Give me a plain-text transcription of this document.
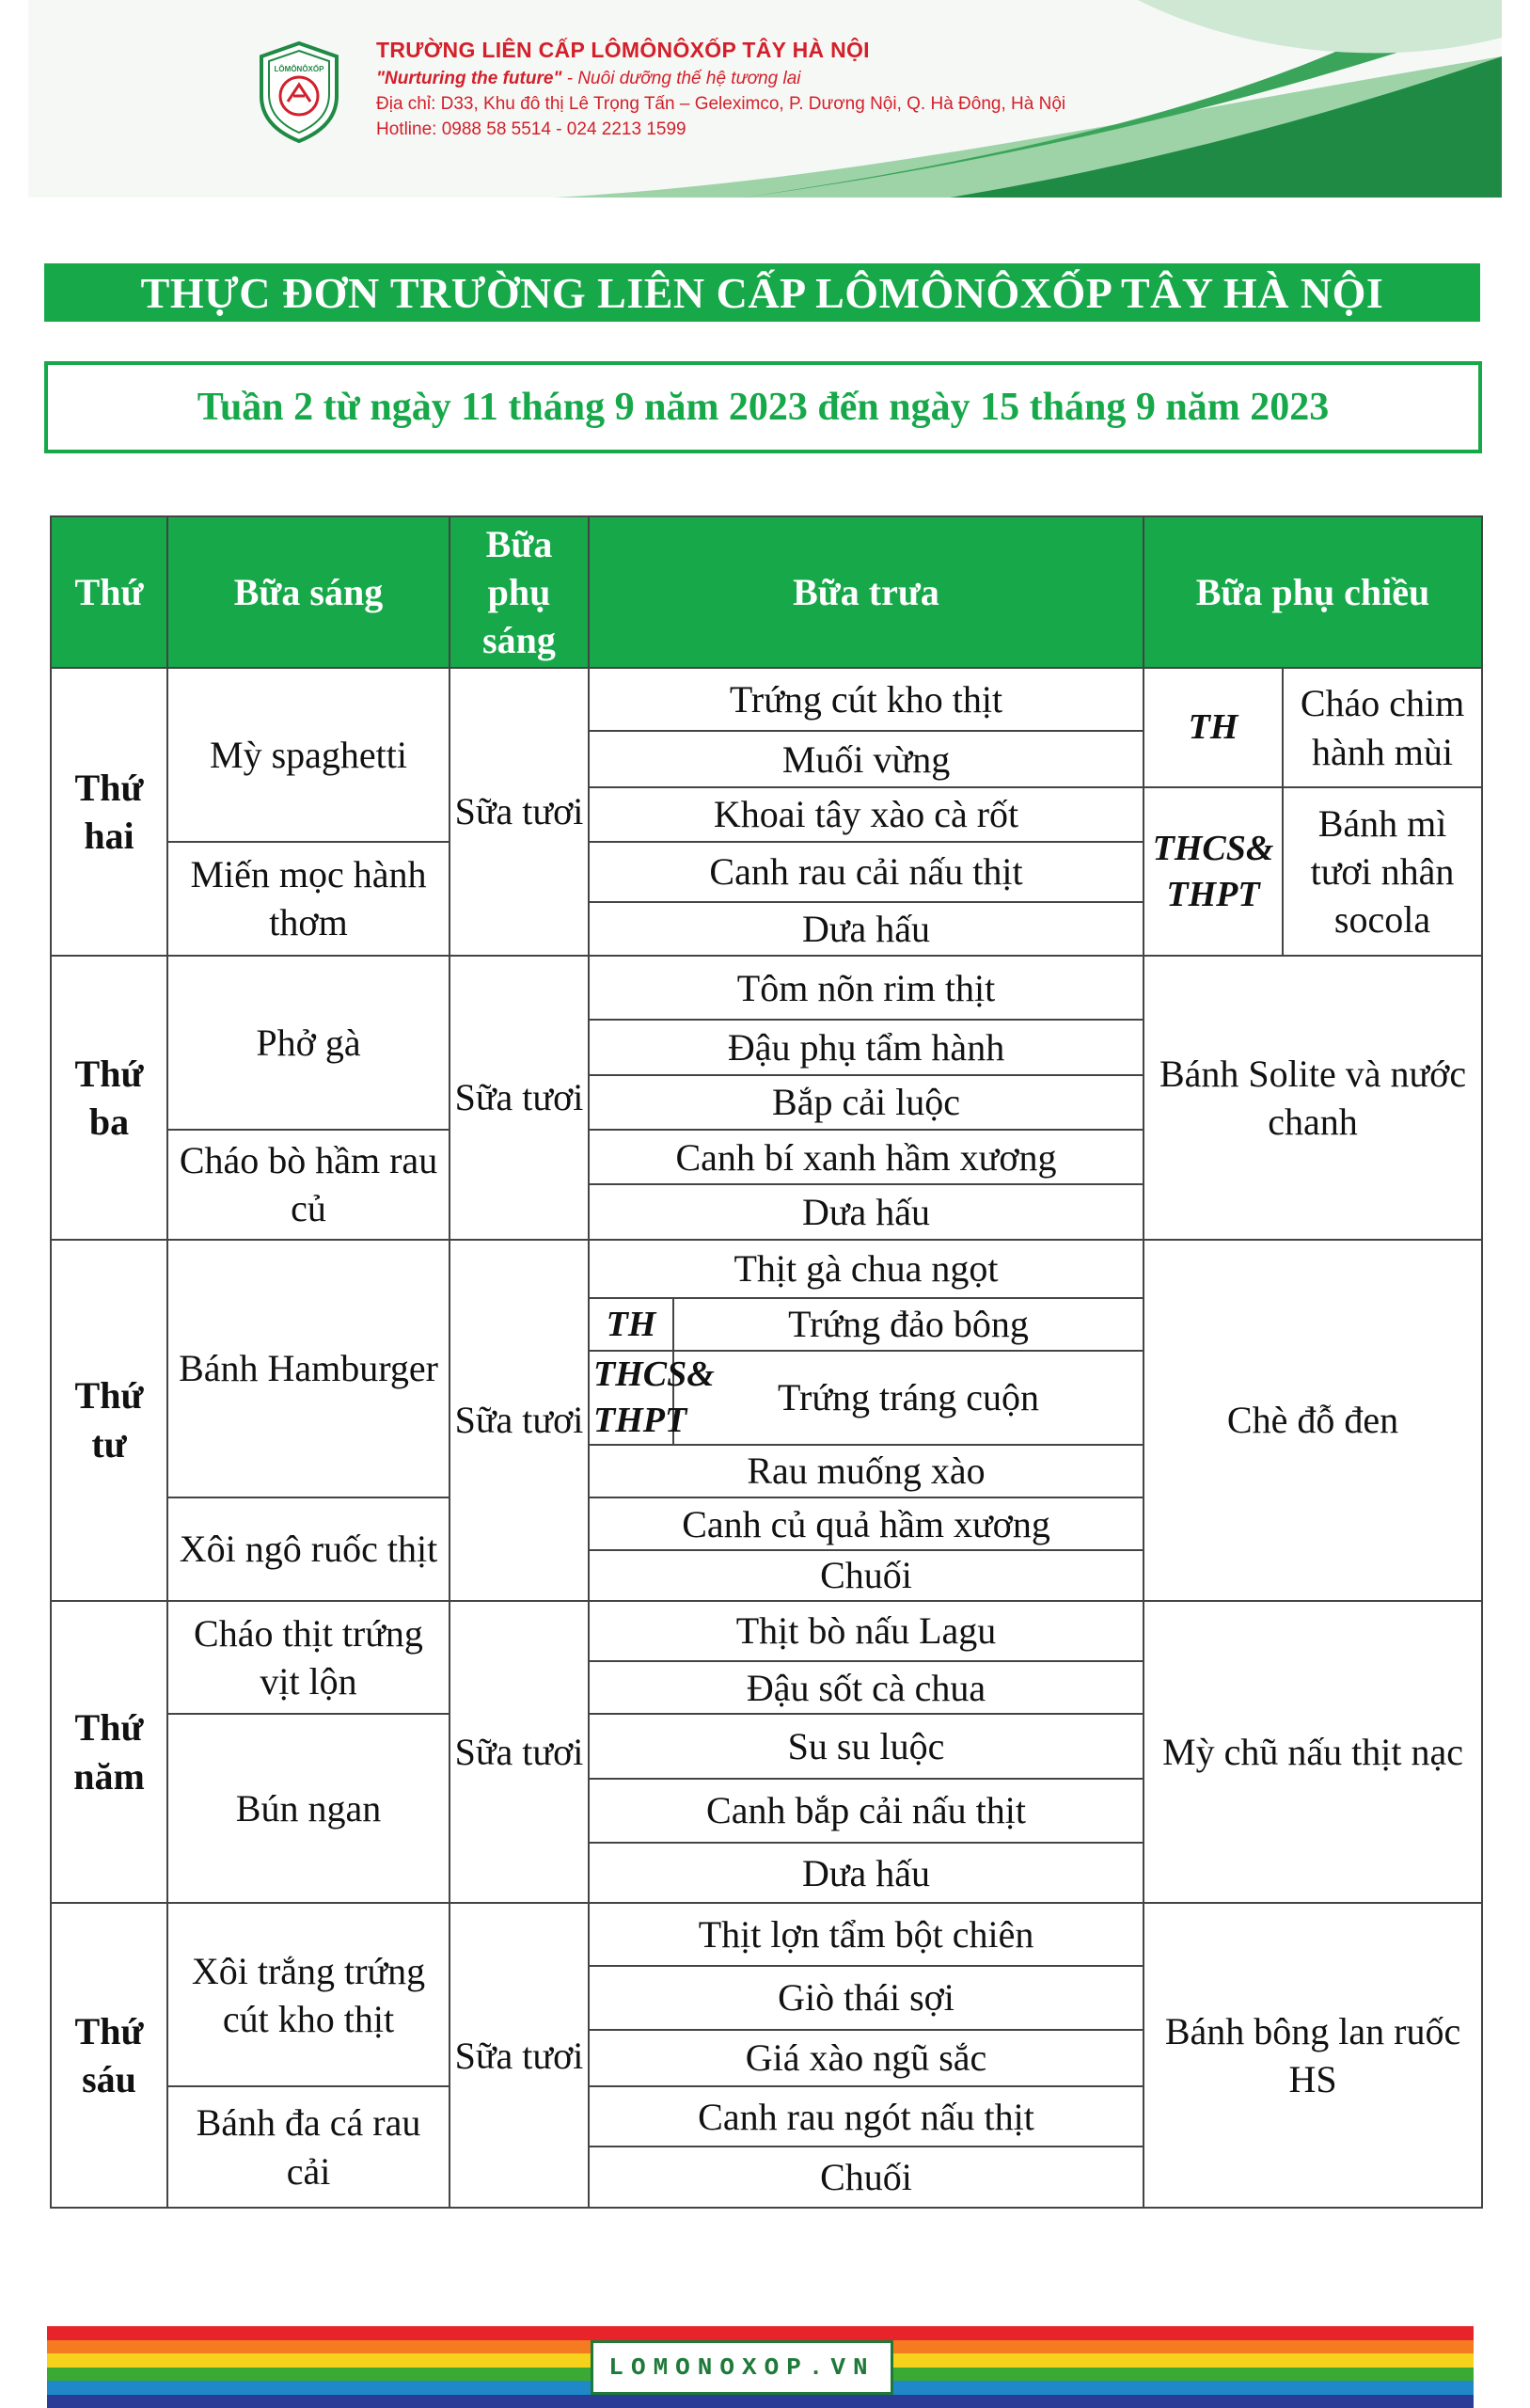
LÔMÔNÔXỐP
TRƯỜNG LIÊN CẤP LÔMÔNÔXỐP TÂY HÀ NỘI
"Nurturing the future" - Nuôi dưỡng thế hệ tương lai
Địa chỉ: D33, Khu đô thị Lê Trọng Tấn – Geleximco, P. Dương Nội, Q. Hà Đông, Hà Nội
Hotline: 0988 58 5514 - 024 2213 1599
THỰC ĐƠN TRƯỜNG LIÊN CẤP LÔMÔNÔXỐP TÂY HÀ NỘI
Tuần 2 từ ngày 11 tháng 9 năm 2023 đến ngày 15 tháng 9 năm 2023
Thứ	Bữa sáng	Bữa phụ sáng	Bữa trưa		Bữa phụ chiều	
Thứ hai	Mỳ spaghetti	Sữa tươi	Trứng cút kho thịt		TH	Cháo chim hành mùi
			Muối vừng			
			Khoai tây xào cà rốt		THCS& THPT	Bánh mì tươi nhân socola
	Miến mọc hành thơm		Canh rau cải nấu thịt			
			Dưa hấu			
Thứ ba	Phở gà	Sữa tươi	Tôm nõn rim thịt		Bánh Solite và nước chanh	
			Đậu phụ tẩm hành			
			Bắp cải luộc			
	Cháo bò hầm rau củ		Canh bí xanh hầm xương			
			Dưa hấu			
Thứ tư	Bánh Hamburger	Sữa tươi	Thịt gà chua ngọt		Chè đỗ đen	
			TH	Trứng đảo bông		
			THCS& THPT	Trứng tráng cuộn		
			Rau muống xào			
	Xôi ngô ruốc thịt		Canh củ quả hầm xương			
			Chuối			

Thứ năm	Cháo thịt trứng vịt lộn	Sữa tươi	Thịt bò nấu Lagu		Mỳ chũ nấu thịt nạc	
			Đậu sốt cà chua			
	Bún ngan		Su su luộc			
			Canh bắp cải nấu thịt			
			Dưa hấu			
Thứ sáu	Xôi trắng trứng cút kho thịt	Sữa tươi	Thịt lợn tẩm bột chiên		Bánh bông lan ruốc HS	
			Giò thái sợi			
			Giá xào ngũ sắc			
	Bánh đa cá rau cải		Canh rau ngót nấu thịt			
			Chuối			
LOMONOXOP.VN
